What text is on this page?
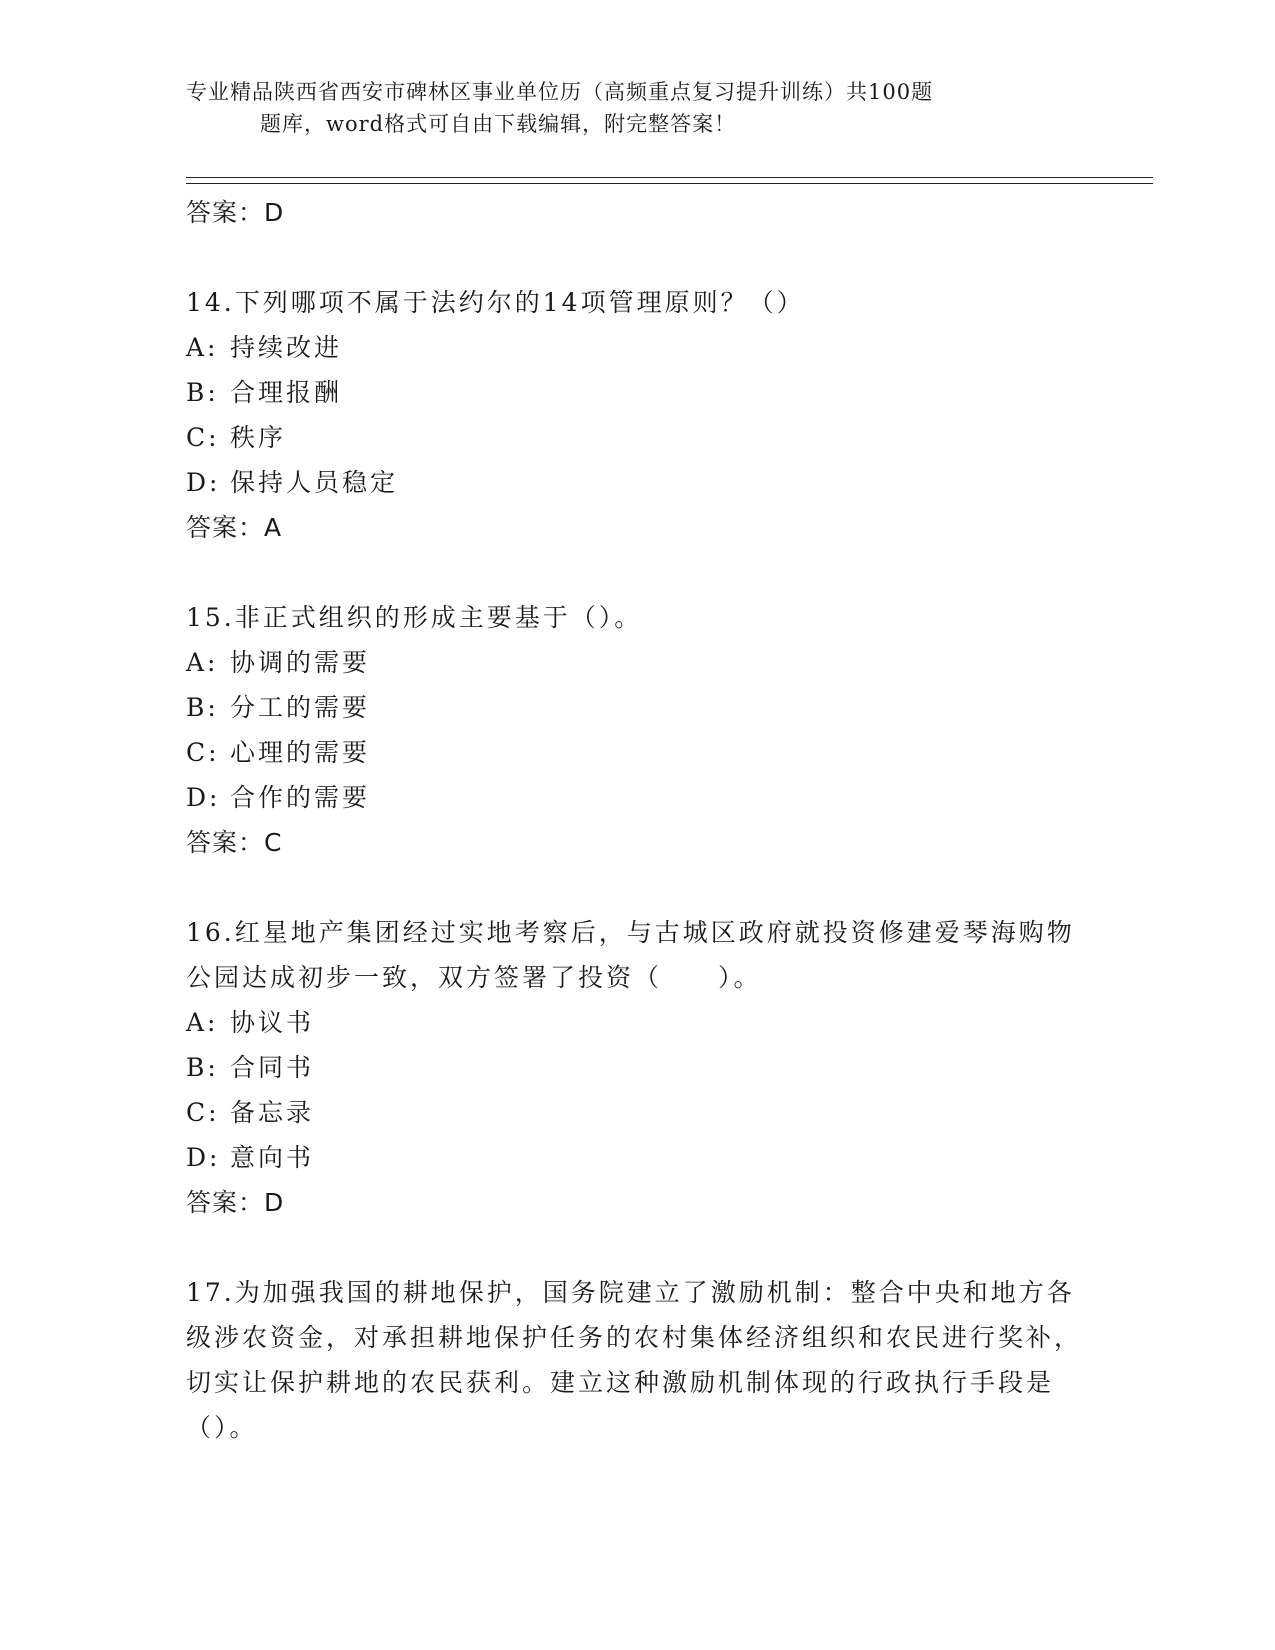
专业精品陕西省西安市碑林区事业单位历（高频重点复习提升训练）共100题
题库，word格式可自由下载编辑，附完整答案！
答案：D

14.下列哪项不属于法约尔的14项管理原则？（）

A: 持续改进
B: 合理报酬
C: 秩序
D: 保持人员稳定
答案：A

15.非正式组织的形成主要基于（）。

A: 协调的需要
B: 分工的需要
C: 心理的需要
D: 合作的需要
答案：C

16.红星地产集团经过实地考察后，与古城区政府就投资修建爱琴海购物公园达成初步一致，双方签署了投资（　　）。

A: 协议书
B: 合同书
C: 备忘录
D: 意向书
答案：D

17.为加强我国的耕地保护，国务院建立了激励机制：整合中央和地方各级涉农资金，对承担耕地保护任务的农村集体经济组织和农民进行奖补，切实让保护耕地的农民获利。建立这种激励机制体现的行政执行手段是（）。
